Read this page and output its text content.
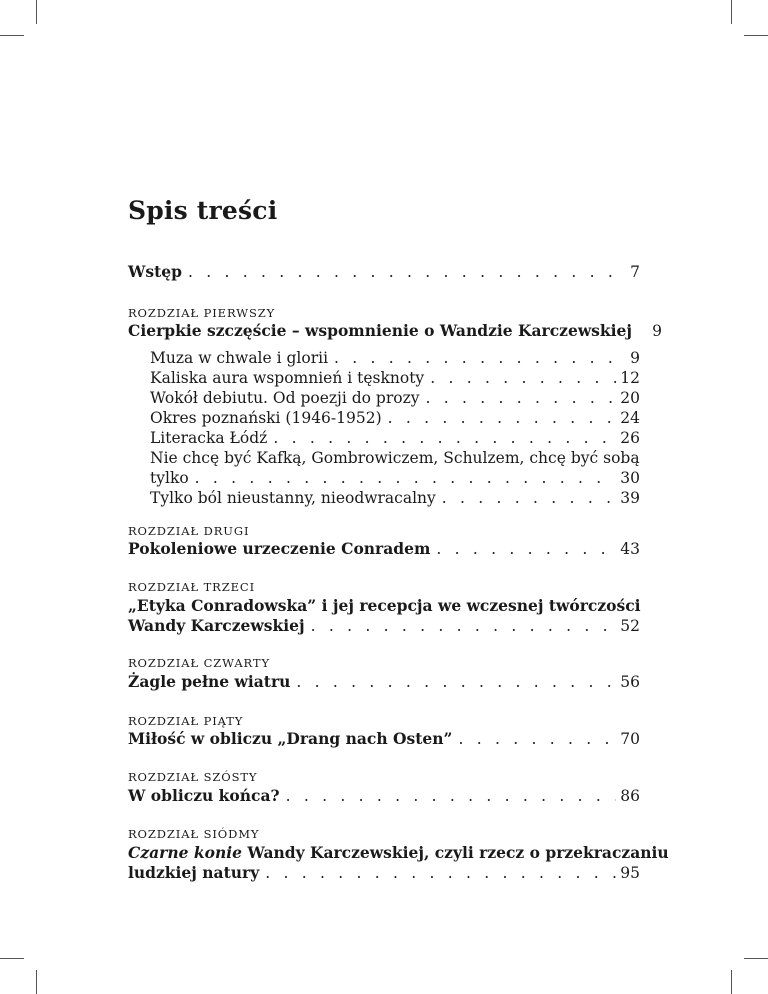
Spis treści
Wstęp . . .	7
ROZDZIAŁ PIERWSZY
Cierpkie szczęście – wspomnienie o Wandzie Karczewskiej . . .	9
Muza w chwale i glorii . . .	9
Kaliska aura wspomnień i tęsknoty . . .	12
Wokół debiutu. Od poezji do prozy . . .	20
Okres poznański (1946-1952) . . .	24
Literacka Łódź . . .	26
Nie chcę być Kafką, Gombrowiczem, Schulzem, chcę być sobą
tylko . . .	30
Tylko ból nieustanny, nieodwracalny . . .	39
ROZDZIAŁ DRUGI
Pokoleniowe urzeczenie Conradem . . .	43
ROZDZIAŁ TRZECI
„Etyka Conradowska” i jej recepcja we wczesnej twórczości
Wandy Karczewskiej . . .	52
ROZDZIAŁ CZWARTY
Żagle pełne wiatru . . .	56
ROZDZIAŁ PIĄTY
Miłość w obliczu „Drang nach Osten” . . .	70
ROZDZIAŁ SZÓSTY
W obliczu końca? . . .	86
ROZDZIAŁ SIÓDMY
Czarne konie Wandy Karczewskiej, czyli rzecz o przekraczaniu
ludzkiej natury . . .	95
